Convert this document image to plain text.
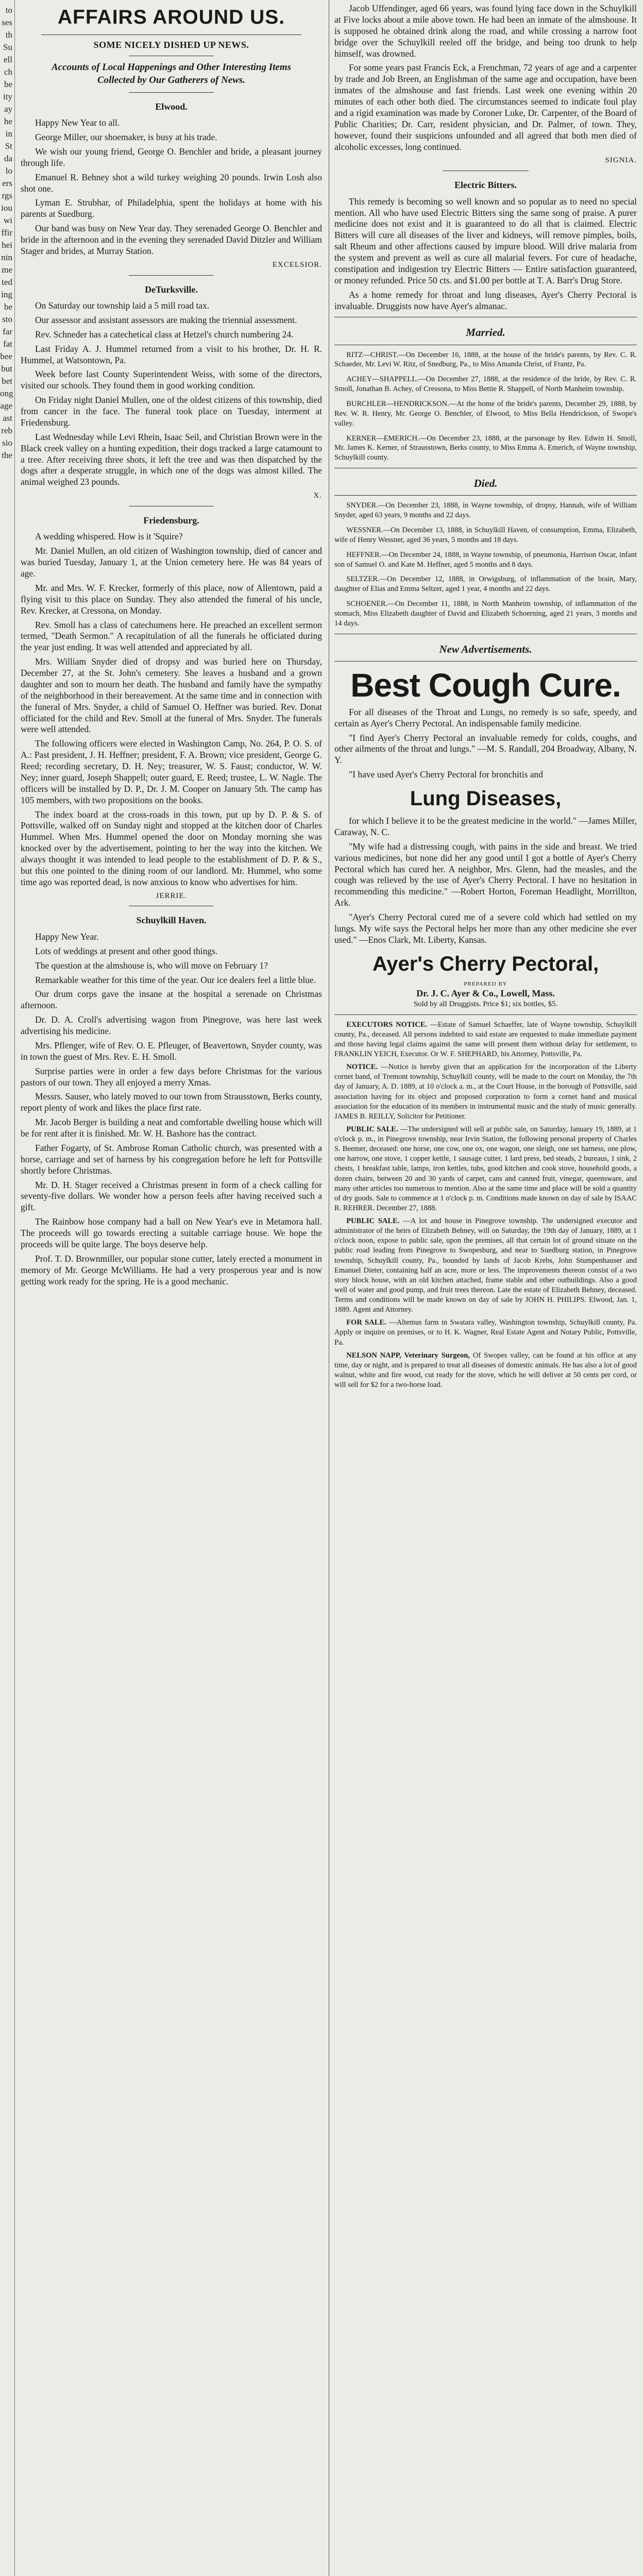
to
ses
th
Su
ell
ch
be
ity
ay
he
in
St
da
lo
ers
rgs
iou
wi
ffir
hei
nin
me
ted
ing
be
sto
far
fat
bee
but
bet
ong
age
ast
reb
sio
the
AFFAIRS AROUND US.
SOME NICELY DISHED UP NEWS.
Accounts of Local Happenings and Other Interesting Items Collected by Our Gatherers of News.
Elwood.

Happy New Year to all.

George Miller, our shoemaker, is busy at his trade.

We wish our young friend, George O. Benchler and bride, a pleasant journey through life.

Emanuel R. Behney shot a wild turkey weighing 20 pounds. Irwin Losh also shot one.

Lyman E. Strubhar, of Philadelphia, spent the holidays at home with his parents at Suedburg.

Our band was busy on New Year day. They serenaded George O. Benchler and bride in the afternoon and in the evening they serenaded David Ditzler and William Stager and brides, at Murray Station.

EXCELSIOR.
DeTurksville.

On Saturday our township laid a 5 mill road tax.

Our assessor and assistant assessors are making the triennial assessment.

Rev. Schneder has a catechetical class at Hetzel's church numbering 24.

Last Friday A. J. Hummel returned from a visit to his brother, Dr. H. R. Hummel, at Watsontown, Pa.

Week before last County Superintendent Weiss, with some of the directors, visited our schools. They found them in good working condition.

On Friday night Daniel Mullen, one of the oldest citizens of this township, died from cancer in the face. The funeral took place on Tuesday, interment at Friedensburg.

Last Wednesday while Levi Rhein, Isaac Seil, and Christian Brown were in the Black creek valley on a hunting expedition, their dogs tracked a large catamount to a tree. After receiving three shots, it left the tree and was then dispatched by the dogs after a desperate struggle, in which one of the dogs was almost killed. The animal weighed 23 pounds.

X.
Friedensburg.

A wedding whispered. How is it 'Squire?

Mr. Daniel Mullen, an old citizen of Washington township, died of cancer and was buried Tuesday, January 1, at the Union cemetery here. He was 84 years of age.

Mr. and Mrs. W. F. Krecker, formerly of this place, now of Allentown, paid a flying visit to this place on Sunday. They also attended the funeral of his uncle, Rev. Krecker, at Cressona, on Monday.

Rev. Smoll has a class of catechumens here. He preached an excellent sermon termed, "Death Sermon." A recapitulation of all the funerals he officiated during the year just ending. It was well attended and appreciated by all.

Mrs. William Snyder died of dropsy and was buried here on Thursday, December 27, at the St. John's cemetery. She leaves a husband and a grown daughter and son to mourn her death. The husband and family have the sympathy of the neighborhood in their bereavement. At the same time and in connection with the funeral of Mrs. Snyder, a child of Samuel O. Heffner was buried. Rev. Donat officiated for the child and Rev. Smoll at the funeral of Mrs. Snyder. The funerals were well attended.

The following officers were elected in Washington Camp, No. 264, P. O. S. of A.: Past president, J. H. Heffner; president, F. A. Brown; vice president, George G. Reed; recording secretary, D. H. Ney; treasurer, W. S. Faust; conductor, W. W. Ney; inner guard, Joseph Shappell; outer guard, E. Reed; trustee, L. W. Nagle. The officers will be installed by D. P., Dr. J. M. Cooper on January 5th. The camp has 105 members, with two propositions on the books.

The index board at the cross-roads in this town, put up by D. P. & S. of Pottsville, walked off on Sunday night and stopped at the kitchen door of Charles Hummel. When Mrs. Hummel opened the door on Monday morning she was knocked over by the advertisement, pointing to her the way into the kitchen. We always thought it was intended to lead people to the establishment of D. P. & S., but this one pointed to the dining room of our landlord. Mr. Hummel, who some time ago was reported dead, is now anxious to know who advertises for him.

JERRIE.
Schuylkill Haven.

Happy New Year.

Lots of weddings at present and other good things.

The question at the almshouse is, who will move on February 1?

Remarkable weather for this time of the year. Our ice dealers feel a little blue.

Our drum corps gave the insane at the hospital a serenade on Christmas afternoon.

Dr. D. A. Croll's advertising wagon from Pinegrove, was here last week advertising his medicine.

Mrs. Pflenger, wife of Rev. O. E. Pfleuger, of Beavertown, Snyder county, was in town the guest of Mrs. Rev. E. H. Smoll.

Surprise parties were in order a few days before Christmas for the various pastors of our town. They all enjoyed a merry Xmas.

Messrs. Sauser, who lately moved to our town from Strausstown, Berks county, report plenty of work and likes the place first rate.

Mr. Jacob Berger is building a neat and comfortable dwelling house which will be for rent after it is finished. Mr. W. H. Bashore has the contract.

Father Fogarty, of St. Ambrose Roman Catholic church, was presented with a horse, carriage and set of harness by his congregation before he left for Pottsville shortly before Christmas.

Mr. D. H. Stager received a Christmas present in form of a check calling for seventy-five dollars. We wonder how a person feels after having received such a gift.

The Rainbow hose company had a ball on New Year's eve in Metamora hall. The proceeds will go towards erecting a suitable carriage house. We hope the proceeds will be quite large. The boys deserve help.

Prof. T. D. Brownmiller, our popular stone cutter, lately erected a monument in memory of Mr. George McWilliams. He had a very prosperous year and is now getting work ready for the spring. He is a good mechanic.

Jacob Uffendinger, aged 66 years, was found lying face down in the Schuylkill at Five locks about a mile above town. He had been an inmate of the almshouse. It is supposed he obtained drink along the road, and while crossing a narrow foot bridge over the Schuylkill reeled off the bridge, and being too drunk to help himself, was drowned.

For some years past Francis Eck, a Frenchman, 72 years of age and a carpenter by trade and Job Breen, an Englishman of the same age and occupation, have been inmates of the almshouse and fast friends. Last week one evening within 20 minutes of each other both died. The circumstances seemed to indicate foul play and a rigid examination was made by Coroner Luke, Dr. Carpenter, of the Board of Public Charities; Dr. Carr, resident physician, and Dr. Palmer, of town. They, however, found their suspicions unfounded and all agreed that both men died of alcoholic excesses, long continued.

SIGNIA.
Electric Bitters.

This remedy is becoming so well known and so popular as to need no special mention. All who have used Electric Bitters sing the same song of praise. A purer medicine does not exist and it is guaranteed to do all that is claimed. Electric Bitters will cure all diseases of the liver and kidneys, will remove pimples, boils, salt Rheum and other affections caused by impure blood. Will drive malaria from the system and prevent as well as cure all malarial fevers. For cure of headache, constipation and indigestion try Electric Bitters — Entire satisfaction guaranteed, or money refunded. Price 50 cts. and $1.00 per bottle at T. A. Barr's Drug Store.

As a home remedy for throat and lung diseases, Ayer's Cherry Pectoral is invaluable. Druggists now have Ayer's almanac.

Married.

RITZ—CHRIST.—On December 16, 1888, at the house of the bride's parents, by Rev. C. R. Schaeder, Mr. Levi W. Ritz, of Snedburg, Pa., to Miss Amanda Christ, of Frantz, Pa.

ACHEY—SHAPPELL.—On December 27, 1888, at the residence of the bride, by Rev. C. R. Smoll, Jonathan B. Achey, of Cressona, to Miss Bettie R. Shappell, of North Manheim township.

BURCHLER—HENDRICKSON.—At the home of the bride's parents, December 29, 1888, by Rev. W. R. Henry, Mr. George O. Benchler, of Elwood, to Miss Bella Hendrickson, of Swope's valley.

KERNER—EMERICH.—On December 23, 1888, at the parsonage by Rev. Edwin H. Smoll, Mr. James K. Kerner, of Strausstown, Berks county, to Miss Emma A. Emerich, of Wayne township, Schuylkill county.

Died.

SNYDER.—On December 23, 1888, in Wayne township, of dropsy, Hannah, wife of William Snyder, aged 63 years, 9 months and 22 days.

WESSNER.—On December 13, 1888, in Schuylkill Haven, of consumption, Emma, Elizabeth, wife of Henry Wessner, aged 36 years, 5 months and 18 days.

HEFFNER.—On December 24, 1888, in Wayne township, of pneumonia, Harrison Oscar, infant son of Samuel O. and Kate M. Heffner, aged 5 months and 8 days.

SELTZER.—On December 12, 1888, in Orwigsburg, of inflammation of the brain, Mary, daughter of Elias and Emma Seltzer, aged 1 year, 4 months and 22 days.

SCHOENER.—On December 11, 1888, in North Manheim township, of inflammation of the stomach, Miss Elizabeth daughter of David and Elizabeth Schoerning, aged 21 years, 3 months and 14 days.

New Advertisements.
Best Cough Cure.

For all diseases of the Throat and Lungs, no remedy is so safe, speedy, and certain as Ayer's Cherry Pectoral. An indispensable family medicine.

"I find Ayer's Cherry Pectoral an invaluable remedy for colds, coughs, and other ailments of the throat and lungs." —M. S. Randall, 204 Broadway, Albany, N. Y.

"I have used Ayer's Cherry Pectoral for bronchitis and

Lung Diseases,

for which I believe it to be the greatest medicine in the world." —James Miller, Caraway, N. C.

"My wife had a distressing cough, with pains in the side and breast. We tried various medicines, but none did her any good until I got a bottle of Ayer's Cherry Pectoral which has cured her. A neighbor, Mrs. Glenn, had the measles, and the cough was relieved by the use of Ayer's Cherry Pectoral. I have no hesitation in recommending this medicine." —Robert Horton, Foreman Headlight, Morrillton, Ark.

"Ayer's Cherry Pectoral cured me of a severe cold which had settled on my lungs. My wife says the Pectoral helps her more than any other medicine she ever used." —Enos Clark, Mt. Liberty, Kansas.

Ayer's Cherry Pectoral,
PREPARED BY
Dr. J. C. Ayer & Co., Lowell, Mass.
Sold by all Druggists. Price $1; six bottles, $5.

EXECUTORS NOTICE. —Estate of Samuel Schaeffer, late of Wayne township, Schuylkill county, Pa., deceased. All persons indebted to said estate are requested to make immediate payment and those having legal claims against the same will present them without delay for settlement, to FRANKLIN YEICH, Executor. Or W. F. SHEPHARD, his Attorney, Pottsville, Pa.

NOTICE. —Notice is hereby given that an application for the incorporation of the Liberty cornet band, of Tremont township, Schuylkill county, will be made to the court on Monday, the 7th day of January, A. D. 1889, at 10 o'clock a. m., at the Court House, in the borough of Pottsville, said association having for its object and proposed corporation to form a cornet band and musical association for the education of its members in instrumental music and the study of music generally. JAMES B. REILLY, Solicitor for Petitioner.

PUBLIC SALE. —The undersigned will sell at public sale, on Saturday, January 19, 1889, at 1 o'clock p. m., in Pinegrove township, near Irvin Station, the following personal property of Charles S. Beemer, deceased: one horse, one cow, one ox, one wagon, one sleigh, one set harness, one plow, one harrow, one stove, 1 copper kettle, 1 sausage cutter, 1 lard press, bed steads, 2 bureaus, 1 sink, 2 chests, 1 breakfast table, lamps, iron kettles, tubs, good kitchen and cook stove, household goods, a dozen chairs, between 20 and 30 yards of carpet, cans and canned fruit, vinegar, queensware, and many other articles too numerous to mention. Also at the same time and place will be sold a quantity of dry goods. Sale to commence at 1 o'clock p. m. Conditions made known on day of sale by ISAAC R. REHRER. December 27, 1888.

PUBLIC SALE. —A lot and house in Pinegrove township. The undersigned executor and administrator of the heirs of Elizabeth Behney, will on Saturday, the 19th day of January, 1889, at 1 o'clock noon, expose to public sale, upon the premises, all that certain lot of ground situate on the public road leading from Pinegrove to Swopesburg, and near to Suedburg station, in Pinegrove township, Schuylkill county, Pa., bounded by lands of Jacob Krebs, John Stumpenhauser and Emanuel Dieter, containing half an acre, more or less. The improvements thereon consist of a two story block house, with an old kitchen attached, frame stable and other outbuildings. Also a good well of water and good pump, and fruit trees thereon. Late the estate of Elizabeth Behney, deceased. Terms and conditions will be made known on day of sale by JOHN H. PHILIPS. Elwood, Jan. 1, 1889. Agent and Attorney.

FOR SALE. —Altemus farm in Swatara valley, Washington township, Schuylkill county, Pa. Apply or inquire on premises, or to H. K. Wagner, Real Estate Agent and Notary Public, Pottsville, Pa.

NELSON NAPP, Veterinary Surgeon, Of Swopes valley, can be found at his office at any time, day or night, and is prepared to treat all diseases of domestic animals. He has also a lot of good walnut, white and fire wood, cut ready for the stove, which he will deliver at 50 cents per cord, or will sell for $2 for a two-horse load.
